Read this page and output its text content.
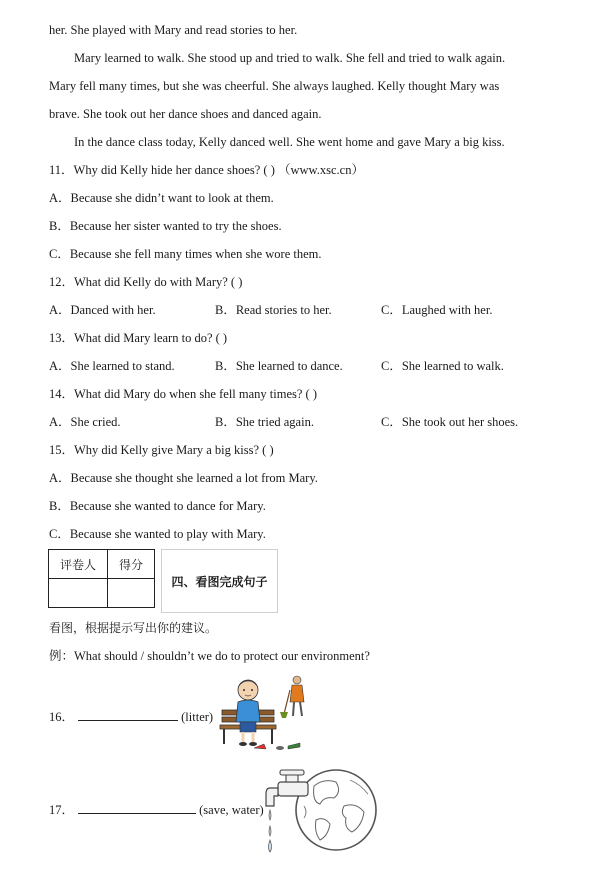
her. She played with Mary and read stories to her.
Mary learned to walk. She stood up and tried to walk. She fell and tried to walk again.
Mary fell many times, but she was cheerful. She always laughed. Kelly thought Mary was
brave. She took out her dance shoes and danced again.
In the dance class today, Kelly danced well. She went home and gave Mary a big kiss.
11．Why did Kelly hide her dance shoes? ( ) （www.xsc.cn）
A．Because she didn’t want to look at them.
B．Because her sister wanted to try the shoes.
C．Because she fell many times when she wore them.
12．What did Kelly do with Mary? ( )
A．Danced with her.	B．Read stories to her.	C．Laughed with her.
13．What did Mary learn to do? ( )
A．She learned to stand.	B．She learned to dance.	C．She learned to walk.
14．What did Mary do when she fell many times? ( )
A．She cried.	B．She tried again.	C．She took out her shoes.
15．Why did Kelly give Mary a big kiss? ( )
A．Because she thought she learned a lot from Mary.
B．Because she wanted to dance for Mary.
C．Because she wanted to play with Mary.
评卷人	得分

四、看图完成句子
看图，根据提示写出你的建议。
例：What should / shouldn’t we do to protect our environment?
16．	(litter)
17．	(save, water)
